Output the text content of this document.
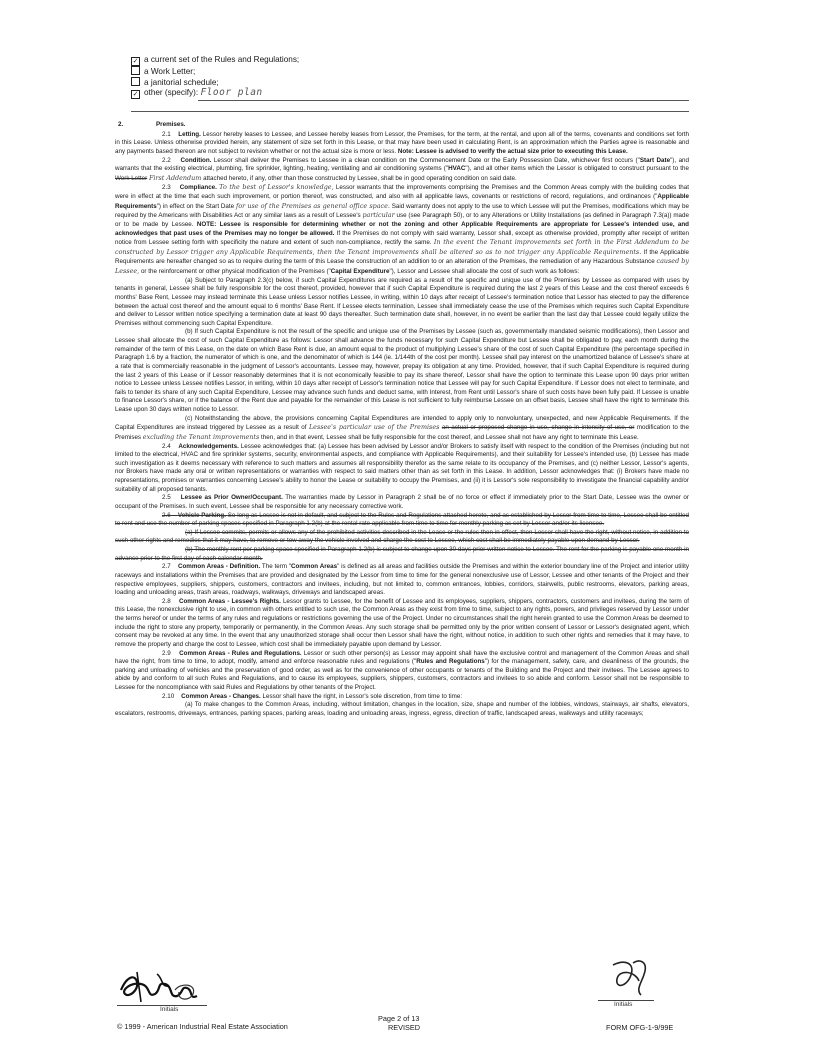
✓ a current set of the Rules and Regulations;
a Work Letter;
a janitorial schedule;
✓ other (specify): Floor plan

2.	Premises.

2.1 Letting. Lessor hereby leases to Lessee, and Lessee hereby leases from Lessor, the Premises, for the term, at the rental, and upon all of the terms, covenants and conditions set forth in this Lease. Unless otherwise provided herein, any statement of size set forth in this Lease, or that may have been used in calculating Rent, is an approximation which the Parties agree is reasonable and any payments based thereon are not subject to revision whether or not the actual size is more or less. Note: Lessee is advised to verify the actual size prior to executing this Lease.

2.2 Condition. Lessor shall deliver the Premises to Lessee in a clean condition on the Commencement Date or the Early Possession Date, whichever first occurs ("Start Date"), and warrants that the existing electrical, plumbing, fire sprinkler, lighting, heating, ventilating and air conditioning systems ("HVAC"), and all other items which the Lessor is obligated to construct pursuant to the Work Letter First Addendum attached hereto, if any, other than those constructed by Lessee, shall be in good operating condition on said date.

2.3 Compliance. To the best of Lessor's knowledge, Lessor warrants that the improvements comprising the Premises and the Common Areas comply with the building codes that were in effect at the time that each such improvement, or portion thereof, was constructed, and also with all applicable laws, covenants or restrictions of record, regulations, and ordinances ("Applicable Requirements") in effect on the Start Date for use of the Premises as general office space. Said warranty does not apply to the use to which Lessee will put the Premises, modifications which may be required by the Americans with Disabilities Act or any similar laws as a result of Lessee's particular use (see Paragraph 50), or to any Alterations or Utility Installations (as defined in Paragraph 7.3(a)) made or to be made by Lessee. NOTE: Lessee is responsible for determining whether or not the zoning and other Applicable Requirements are appropriate for Lessee's intended use, and acknowledges that past uses of the Premises may no longer be allowed. If the Premises do not comply with said warranty, Lessor shall, except as otherwise provided, promptly after receipt of written notice from Lessee setting forth with specificity the nature and extent of such non-compliance, rectify the same. In the event the Tenant improvements set forth in the First Addendum to be constructed by Lessor trigger any Applicable Requirements, then the Tenant improvements shall be altered so as to not trigger any Applicable Requirements. If the Applicable Requirements are hereafter changed so as to require during the term of this Lease the construction of an addition to or an alteration of the Premises, the remediation of any Hazardous Substance caused by Lessee, or the reinforcement or other physical modification of the Premises ("Capital Expenditure"), Lessor and Lessee shall allocate the cost of such work as follows:

(a) Subject to Paragraph 2.3(c) below, if such Capital Expenditures are required as a result of the specific and unique use of the Premises by Lessee as compared with uses by tenants in general, Lessee shall be fully responsible for the cost thereof, provided, however that if such Capital Expenditure is required during the last 2 years of this Lease and the cost thereof exceeds 6 months' Base Rent, Lessee may instead terminate this Lease unless Lessor notifies Lessee, in writing, within 10 days after receipt of Lessee's termination notice that Lessor has elected to pay the difference between the actual cost thereof and the amount equal to 6 months' Base Rent. If Lessee elects termination, Lessee shall immediately cease the use of the Premises which requires such Capital Expenditure and deliver to Lessor written notice specifying a termination date at least 90 days thereafter. Such termination date shall, however, in no event be earlier than the last day that Lessee could legally utilize the Premises without commencing such Capital Expenditure.

(b) If such Capital Expenditure is not the result of the specific and unique use of the Premises by Lessee (such as, governmentally mandated seismic modifications), then Lessor and Lessee shall allocate the cost of such Capital Expenditure as follows: Lessor shall advance the funds necessary for such Capital Expenditure but Lessee shall be obligated to pay, each month during the remainder of the term of this Lease, on the date on which Base Rent is due, an amount equal to the product of multiplying Lessee's share of the cost of such Capital Expenditure (the percentage specified in Paragraph 1.6 by a fraction, the numerator of which is one, and the denominator of which is 144 (ie. 1/144th of the cost per month). Lessee shall pay interest on the unamortized balance of Lessee's share at a rate that is commercially reasonable in the judgment of Lessor's accountants. Lessee may, however, prepay its obligation at any time. Provided, however, that if such Capital Expenditure is required during the last 2 years of this Lease or if Lessor reasonably determines that it is not economically feasible to pay its share thereof, Lessor shall have the option to terminate this Lease upon 90 days prior written notice to Lessee unless Lessee notifies Lessor, in writing, within 10 days after receipt of Lessor's termination notice that Lessee will pay for such Capital Expenditure. If Lessor does not elect to terminate, and fails to tender its share of any such Capital Expenditure, Lessee may advance such funds and deduct same, with Interest, from Rent until Lessor's share of such costs have been fully paid. If Lessee is unable to finance Lessor's share, or if the balance of the Rent due and payable for the remainder of this Lease is not sufficient to fully reimburse Lessee on an offset basis, Lessee shall have the right to terminate this Lease upon 30 days written notice to Lessor.

(c) Notwithstanding the above, the provisions concerning Capital Expenditures are intended to apply only to nonvoluntary, unexpected, and new Applicable Requirements. If the Capital Expenditures are instead triggered by Lessee as a result of Lessee's particular use of the Premises an actual or proposed change in use, change in intensity of use, or modification to the Premises excluding the Tenant improvements then, and in that event, Lessee shall be fully responsible for the cost thereof, and Lessee shall not have any right to terminate this Lease.

2.4 Acknowledgements. Lessee acknowledges that: (a) Lessee has been advised by Lessor and/or Brokers to satisfy itself with respect to the condition of the Premises (including but not limited to the electrical, HVAC and fire sprinkler systems, security, environmental aspects, and compliance with Applicable Requirements), and their suitability for Lessee's intended use, (b) Lessee has made such investigation as it deems necessary with reference to such matters and assumes all responsibility therefor as the same relate to its occupancy of the Premises, and (c) neither Lessor, Lessor's agents, nor Brokers have made any oral or written representations or warranties with respect to said matters other than as set forth in this Lease. In addition, Lessor acknowledges that: (i) Brokers have made no representations, promises or warranties concerning Lessee's ability to honor the Lease or suitability to occupy the Premises, and (ii) it is Lessor's sole responsibility to investigate the financial capability and/or suitability of all proposed tenants.

2.5 Lessee as Prior Owner/Occupant. The warranties made by Lessor in Paragraph 2 shall be of no force or effect if immediately prior to the Start Date, Lessee was the owner or occupant of the Premises. In such event, Lessee shall be responsible for any necessary corrective work.

2.6 Vehicle Parking. So long as Lessee is not in default, and subject to the Rules and Regulations attached hereto, and as established by Lessor from time to time, Lessee shall be entitled to rent and use the number of parking spaces specified in Paragraph 1.2(b) at the rental rate applicable from time to time for monthly parking as set by Lessor and/or its licensee.

(a) If Lessee commits, permits or allows any of the prohibited activities described in the Lease or the rules then in effect, then Lessor shall have the right, without notice, in addition to such other rights and remedies that it may have, to remove or tow away the vehicle involved and charge the cost to Lessee, which cost shall be immediately payable upon demand by Lessor.

(b) The monthly rent per parking space specified in Paragraph 1.2(b) is subject to change upon 30 days prior written notice to Lessee. The rent for the parking is payable one month in advance prior to the first day of each calendar month.

2.7 Common Areas - Definition. The term "Common Areas" is defined as all areas and facilities outside the Premises and within the exterior boundary line of the Project and interior utility raceways and installations within the Premises that are provided and designated by the Lessor from time to time for the general nonexclusive use of Lessor, Lessee and other tenants of the Project and their respective employees, suppliers, shippers, customers, contractors and invitees, including, but not limited to, common entrances, lobbies, corridors, stairwells, public restrooms, elevators, parking areas, loading and unloading areas, trash areas, roadways, walkways, driveways and landscaped areas.

2.8 Common Areas - Lessee's Rights. Lessor grants to Lessee, for the benefit of Lessee and its employees, suppliers, shippers, contractors, customers and invitees, during the term of this Lease, the nonexclusive right to use, in common with others entitled to such use, the Common Areas as they exist from time to time, subject to any rights, powers, and privileges reserved by Lessor under the terms hereof or under the terms of any rules and regulations or restrictions governing the use of the Project. Under no circumstances shall the right herein granted to use the Common Areas be deemed to include the right to store any property, temporarily or permanently, in the Common Areas. Any such storage shall be permitted only by the prior written consent of Lessor or Lessor's designated agent, which consent may be revoked at any time. In the event that any unauthorized storage shall occur then Lessor shall have the right, without notice, in addition to such other rights and remedies that it may have, to remove the property and charge the cost to Lessee, which cost shall be immediately payable upon demand by Lessor.

2.9 Common Areas - Rules and Regulations. Lessor or such other person(s) as Lessor may appoint shall have the exclusive control and management of the Common Areas and shall have the right, from time to time, to adopt, modify, amend and enforce reasonable rules and regulations ("Rules and Regulations") for the management, safety, care, and cleanliness of the grounds, the parking and unloading of vehicles and the preservation of good order, as well as for the convenience of other occupants or tenants of the Building and the Project and their invitees. The Lessee agrees to abide by and conform to all such Rules and Regulations, and to cause its employees, suppliers, shippers, customers, contractors and invitees to so abide and conform. Lessor shall not be responsible to Lessee for the noncompliance with said Rules and Regulations by other tenants of the Project.

2.10 Common Areas - Changes. Lessor shall have the right, in Lessor's sole discretion, from time to time:

(a) To make changes to the Common Areas, including, without limitation, changes in the location, size, shape and number of the lobbies, windows, stairways, air shafts, elevators, escalators, restrooms, driveways, entrances, parking spaces, parking areas, loading and unloading areas, ingress, egress, direction of traffic, landscaped areas, walkways and utility raceways;

Initials
Initials
© 1999 - American Industrial Real Estate Association
Page 2 of 13
REVISED	FORM OFG-1-9/99E
